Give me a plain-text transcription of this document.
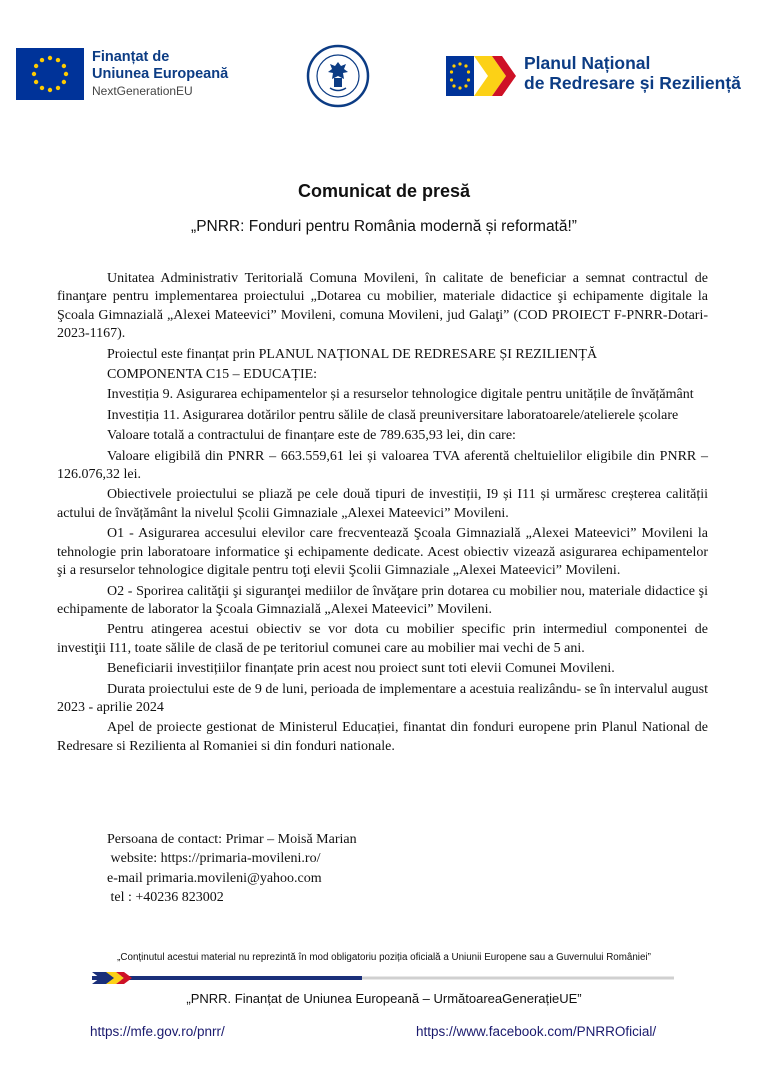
Finanțat de
Uniunea Europeană
NextGenerationEU
Planul Național
de Redresare și Reziliență
Comunicat de presă
„PNRR: Fonduri pentru România modernă și reformată!”

Unitatea Administrativ Teritorială Comuna Movileni, în calitate de beneficiar a semnat contractul de finanţare pentru implementarea proiectului „Dotarea cu mobilier, materiale didactice şi echipamente digitale la Şcoala Gimnazială „Alexei Mateevici” Movileni, comuna Movileni, jud Galaţi” (COD PROIECT F-PNRR-Dotari-2023-1167).

Proiectul este finanțat prin PLANUL NAȚIONAL DE REDRESARE ȘI REZILIENȚĂ

COMPONENTA C15 – EDUCAȚIE:

Investiția 9. Asigurarea echipamentelor și a resurselor tehnologice digitale pentru unitățile de învățământ

Investiția 11. Asigurarea dotărilor pentru sălile de clasă preuniversitare laboratoarele/atelierele școlare

Valoare totală a contractului de finanțare este de 789.635,93 lei, din care:

Valoare eligibilă din PNRR – 663.559,61 lei și valoarea TVA aferentă cheltuielilor eligibile din PNRR – 126.076,32 lei.

Obiectivele proiectului se pliază pe cele două tipuri de investiții, I9 și I11 și urmăresc creșterea calității actului de învățământ la nivelul Școlii Gimnaziale „Alexei Mateevici” Movileni.

O1 - Asigurarea accesului elevilor care frecventează Şcoala Gimnazială „Alexei Mateevici” Movileni la tehnologie prin laboratoare informatice şi echipamente dedicate. Acest obiectiv vizează asigurarea echipamentelor şi a resurselor tehnologice digitale pentru toţi elevii Şcolii Gimnaziale „Alexei Mateevici” Movileni.

O2 - Sporirea calităţii şi siguranţei mediilor de învăţare prin dotarea cu mobilier nou, materiale didactice şi echipamente de laborator la Şcoala Gimnazială „Alexei Mateevici” Movileni.

Pentru atingerea acestui obiectiv se vor dota cu mobilier specific prin intermediul componentei de investiţii I11, toate sălile de clasă de pe teritoriul comunei care au mobilier mai vechi de 5 ani.

Beneficiarii investițiilor finanțate prin acest nou proiect sunt toti elevii Comunei Movileni.

Durata proiectului este de 9 de luni, perioada de implementare a acestuia realizându- se în intervalul august 2023 - aprilie 2024

Apel de proiecte gestionat de Ministerul Educației, finantat din fonduri europene prin Planul National de Redresare si Rezilienta al Romaniei si din fonduri nationale.

Persoana de contact: Primar – Moisă Marian
website: https://primaria-movileni.ro/
e-mail primaria.movileni@yahoo.com
tel : +40236 823002
„Conținutul acestui material nu reprezintă în mod obligatoriu poziția oficială a Uniunii Europene sau a Guvernului României”
„PNRR. Finanțat de Uniunea Europeană – UrmătoareaGenerațieUE”
https://mfe.gov.ro/pnrr/	https://www.facebook.com/PNRROficial/
